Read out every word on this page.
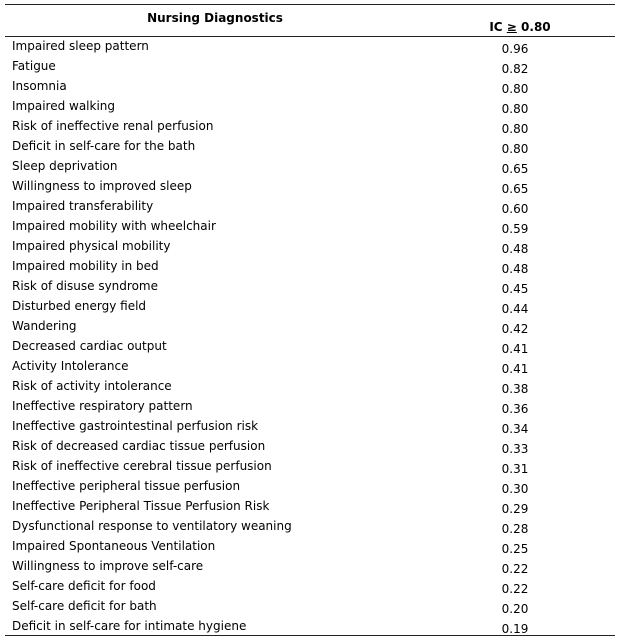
Nursing Diagnostics
IC ≥ 0.80
Impaired sleep pattern	0.96
Fatigue	0.82
Insomnia	0.80
Impaired walking	0.80
Risk of ineffective renal perfusion	0.80
Deficit in self-care for the bath	0.80
Sleep deprivation	0.65
Willingness to improved sleep	0.65
Impaired transferability	0.60
Impaired mobility with wheelchair	0.59
Impaired physical mobility	0.48
Impaired mobility in bed	0.48
Risk of disuse syndrome	0.45
Disturbed energy field	0.44
Wandering	0.42
Decreased cardiac output	0.41
Activity Intolerance	0.41
Risk of activity intolerance	0.38
Ineffective respiratory pattern	0.36
Ineffective gastrointestinal perfusion risk	0.34
Risk of decreased cardiac tissue perfusion	0.33
Risk of ineffective cerebral tissue perfusion	0.31
Ineffective peripheral tissue perfusion	0.30
Ineffective Peripheral Tissue Perfusion Risk	0.29
Dysfunctional response to ventilatory weaning	0.28
Impaired Spontaneous Ventilation	0.25
Willingness to improve self-care	0.22
Self-care deficit for food	0.22
Self-care deficit for bath	0.20
Deficit in self-care for intimate hygiene	0.19
